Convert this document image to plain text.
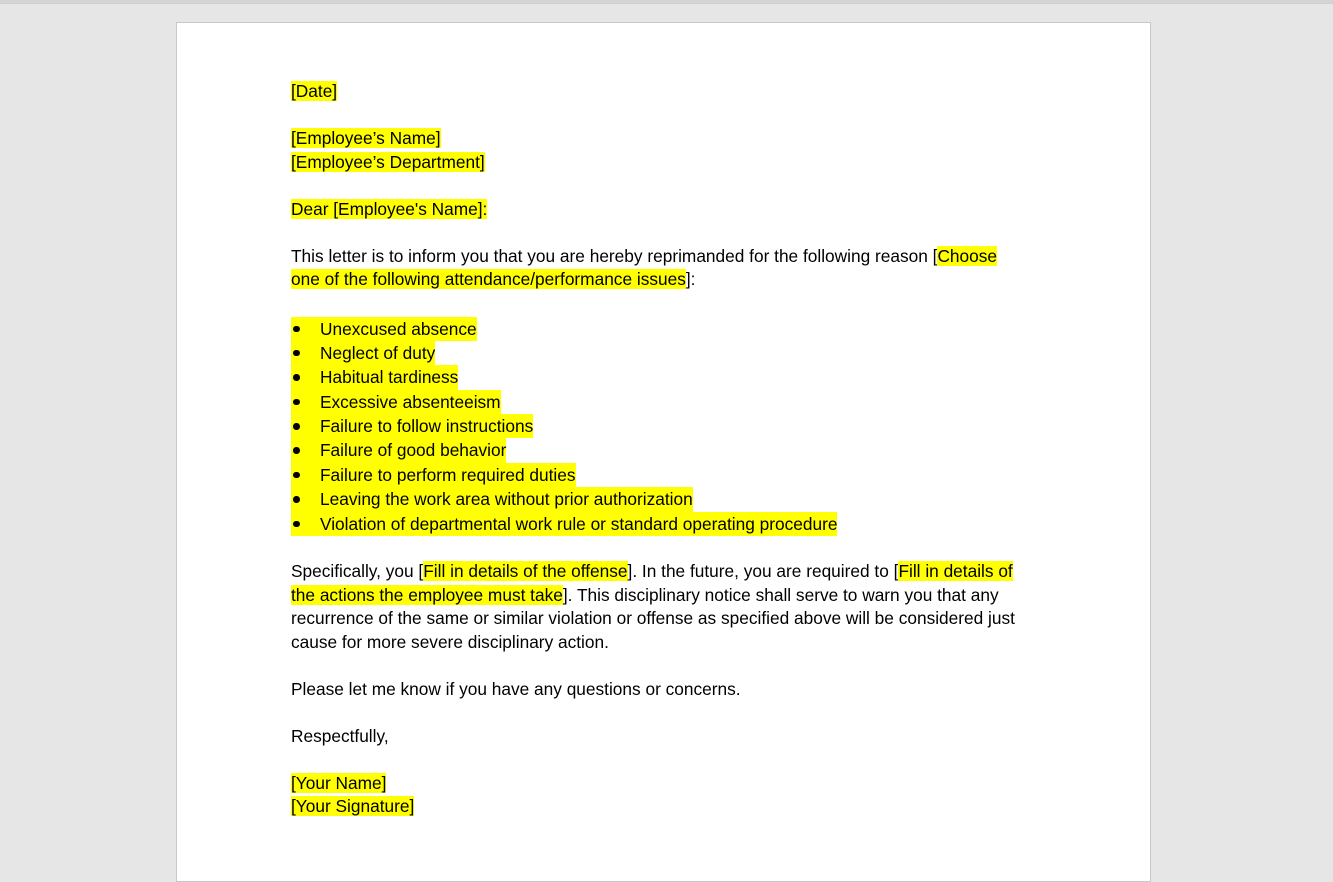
[Date]

[Employee’s Name]

[Employee’s Department]

Dear [Employee's Name]:

This letter is to inform you that you are hereby reprimanded for the following reason [Choose
one of the following attendance/performance issues]:

Unexcused absence
Neglect of duty
Habitual tardiness
Excessive absenteeism
Failure to follow instructions
Failure of good behavior
Failure to perform required duties
Leaving the work area without prior authorization
Violation of departmental work rule or standard operating procedure

Specifically, you [Fill in details of the offense]. In the future, you are required to [Fill in details of
the actions the employee must take]. This disciplinary notice shall serve to warn you that any
recurrence of the same or similar violation or offense as specified above will be considered just
cause for more severe disciplinary action.

Please let me know if you have any questions or concerns.

Respectfully,

[Your Name]

[Your Signature]
